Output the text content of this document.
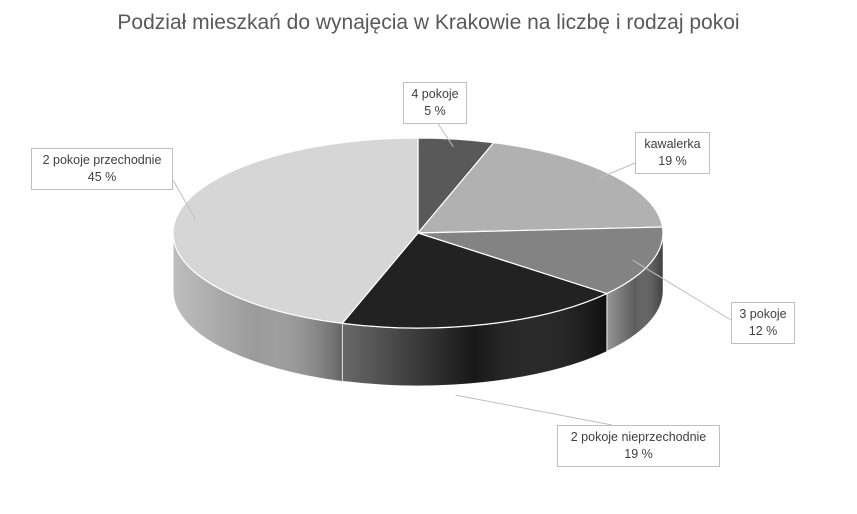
Podział mieszkań do wynajęcia w Krakowie na liczbę i rodzaj pokoi
4 pokoje
5 %
kawalerka
19 %
3 pokoje
12 %
2 pokoje nieprzechodnie
19 %
2 pokoje przechodnie
45 %
